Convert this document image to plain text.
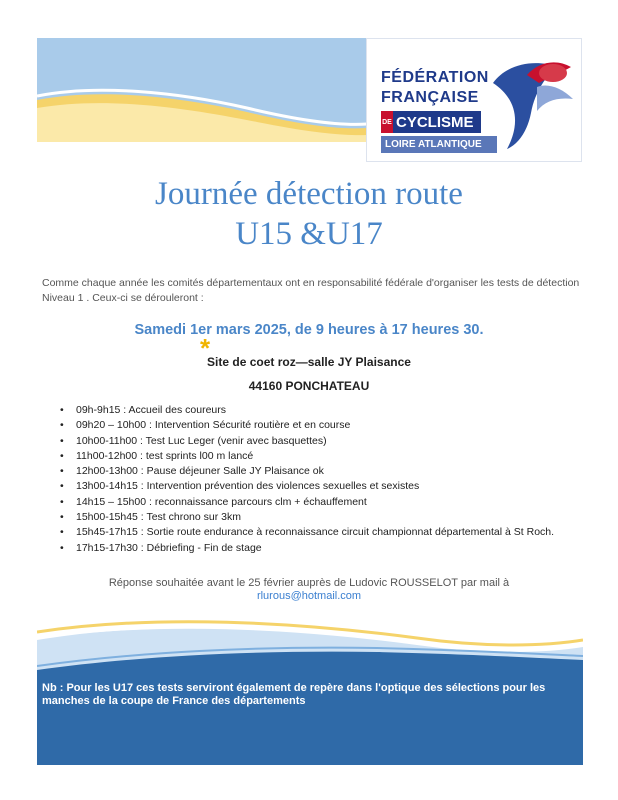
FÉDÉRATION
FRANÇAISE
DE CYCLISME
LOIRE ATLANTIQUE
Journée détection route
U15 &U17
Comme chaque année les comités départementaux ont en responsabilité fédérale d'organiser les tests de détection Niveau 1 . Ceux-ci se dérouleront :
Samedi 1er mars 2025, de 9 heures à 17 heures 30.
*
Site de coet roz—salle JY Plaisance
44160 PONCHATEAU
• 09h-9h15 : Accueil des coureurs
• 09h20 – 10h00 : Intervention Sécurité routière et en course
• 10h00-11h00 : Test Luc Leger (venir avec basquettes)
• 11h00-12h00 : test sprints l00 m lancé
• 12h00-13h00 : Pause déjeuner Salle JY Plaisance ok
• 13h00-14h15 : Intervention prévention des violences sexuelles et sexistes
• 14h15 – 15h00 : reconnaissance parcours clm + échauffement
• 15h00-15h45 : Test chrono sur 3km
• 15h45-17h15 : Sortie route endurance à reconnaissance circuit championnat départemental à St Roch.
• 17h15-17h30 : Débriefing - Fin de stage
Réponse souhaitée avant le 25 février auprès de Ludovic ROUSSELOT par mail à
rlurous@hotmail.com
Nb : Pour les U17 ces tests serviront également de repère dans l'optique des sélections pour les manches de la coupe de France des départements
